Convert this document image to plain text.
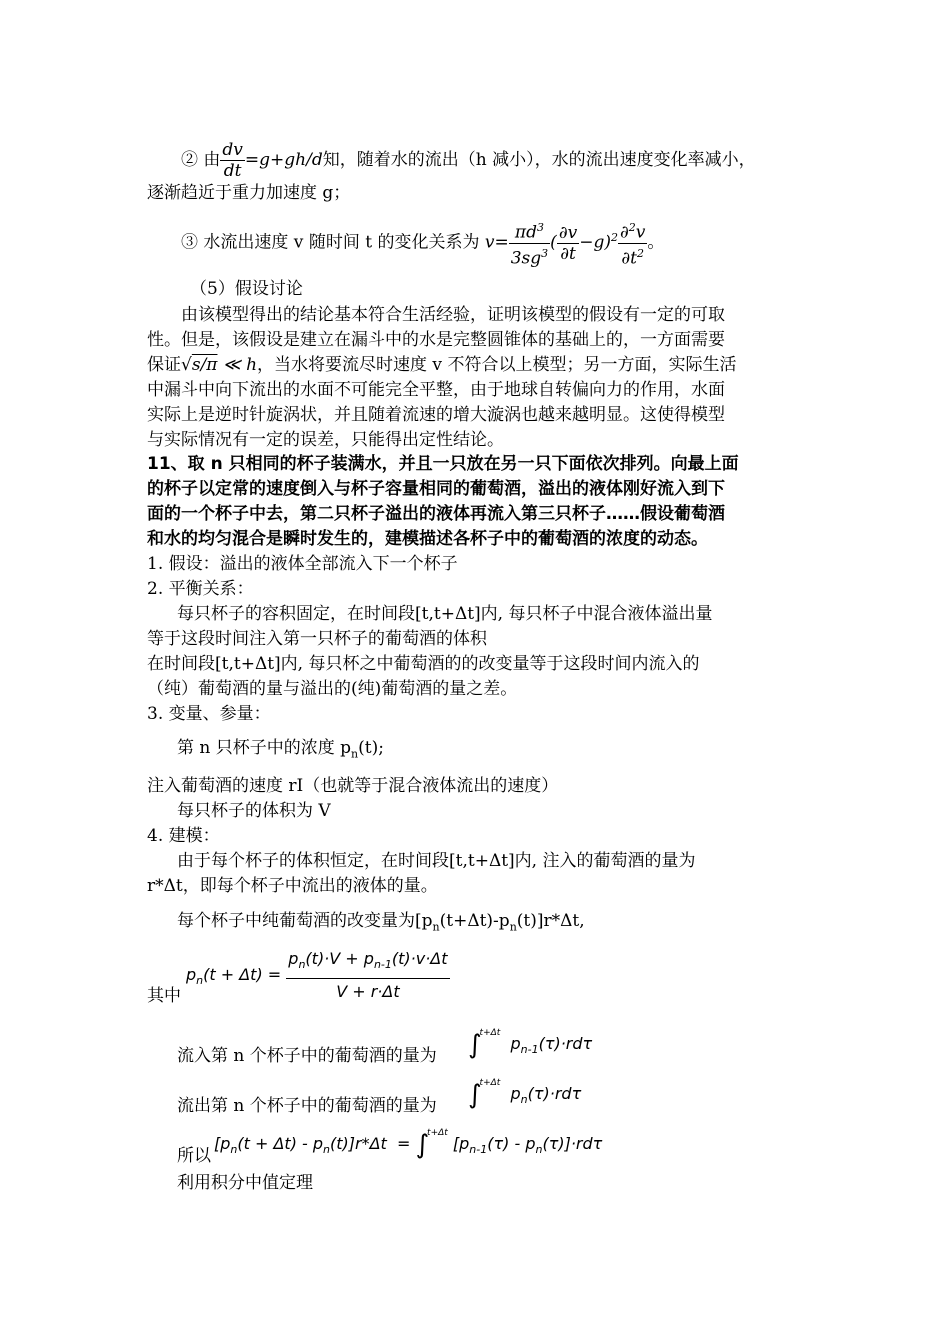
② 由 $\frac{dv}{dt} =g+gh/d$知，随着水的流出（h 减小），水的流出速度变化率减小，
逐渐趋近于重力加速度 g；
③ 水流出速度 v 随时间 t 的变化关系为 $v= \frac{\pi d^3}{3sg^3}$ ( $\frac{\partial v}{\partial t} -g)^2 \frac{\partial^2v}{\partial t^2}$ 。
（5）假设讨论
由该模型得出的结论基本符合生活经验，证明该模型的假设有一定的可取
性。但是，该假设是建立在漏斗中的水是完整圆锥体的基础上的，一方面需要
保证√s/π ≪ h，当水将要流尽时速度 v 不符合以上模型；另一方面，实际生活
中漏斗中向下流出的水面不可能完全平整，由于地球自转偏向力的作用，水面
实际上是逆时针旋涡状，并且随着流速的增大漩涡也越来越明显。这使得模型
与实际情况有一定的误差，只能得出定性结论。
11、取 n 只相同的杯子装满水，并且一只放在另一只下面依次排列。向最上面
的杯子以定常的速度倒入与杯子容量相同的葡萄酒，溢出的液体刚好流入到下
面的一个杯子中去，第二只杯子溢出的液体再流入第三只杯子……假设葡萄酒
和水的均匀混合是瞬时发生的，建模描述各杯子中的葡萄酒的浓度的动态。
1. 假设：溢出的液体全部流入下一个杯子
2. 平衡关系：
每只杯子的容积固定，在时间段[t,t+Δt]内, 每只杯子中混合液体溢出量
等于这段时间注入第一只杯子的葡萄酒的体积
在时间段[t,t+Δt]内, 每只杯之中葡萄酒的的改变量等于这段时间内流入的
（纯）葡萄酒的量与溢出的(纯)葡萄酒的量之差。
3. 变量、参量：
第 n 只杯子中的浓度 $p_n(t)$;
注入葡萄酒的速度 rI（也就等于混合液体流出的速度）
每只杯子的体积为 V
4. 建模：
由于每个杯子的体积恒定，在时间段[t,t+Δt]内, 注入的葡萄酒的量为
r*Δt，即每个杯子中流出的液体的量。
每个杯子中纯葡萄酒的改变量为$[p_n(t+\Delta t)-p_n(t)]r*\Delta t$,
其中
$p_n(t + \Delta t) = \frac{p_n(t)\cdot V + p_{n-1}(t)\cdot v\cdot\Delta t}{V + r\cdot\Delta t}$
流入第 n 个杯子中的葡萄酒的量为 ∫$^{t+\Delta t}$  $p_{n-1}(\tau)\cdot rd\tau$
流出第 n 个杯子中的葡萄酒的量为 ∫$^{t+\Delta t}$  $p_n(\tau)\cdot rd\tau$
所以
$[p_n(t + \Delta t) - p_n(t)]r*\Delta t = \int^{t+\Delta t}$ $[p_{n-1}(\tau) - p_n(\tau)]\cdot rd\tau$
利用积分中值定理
